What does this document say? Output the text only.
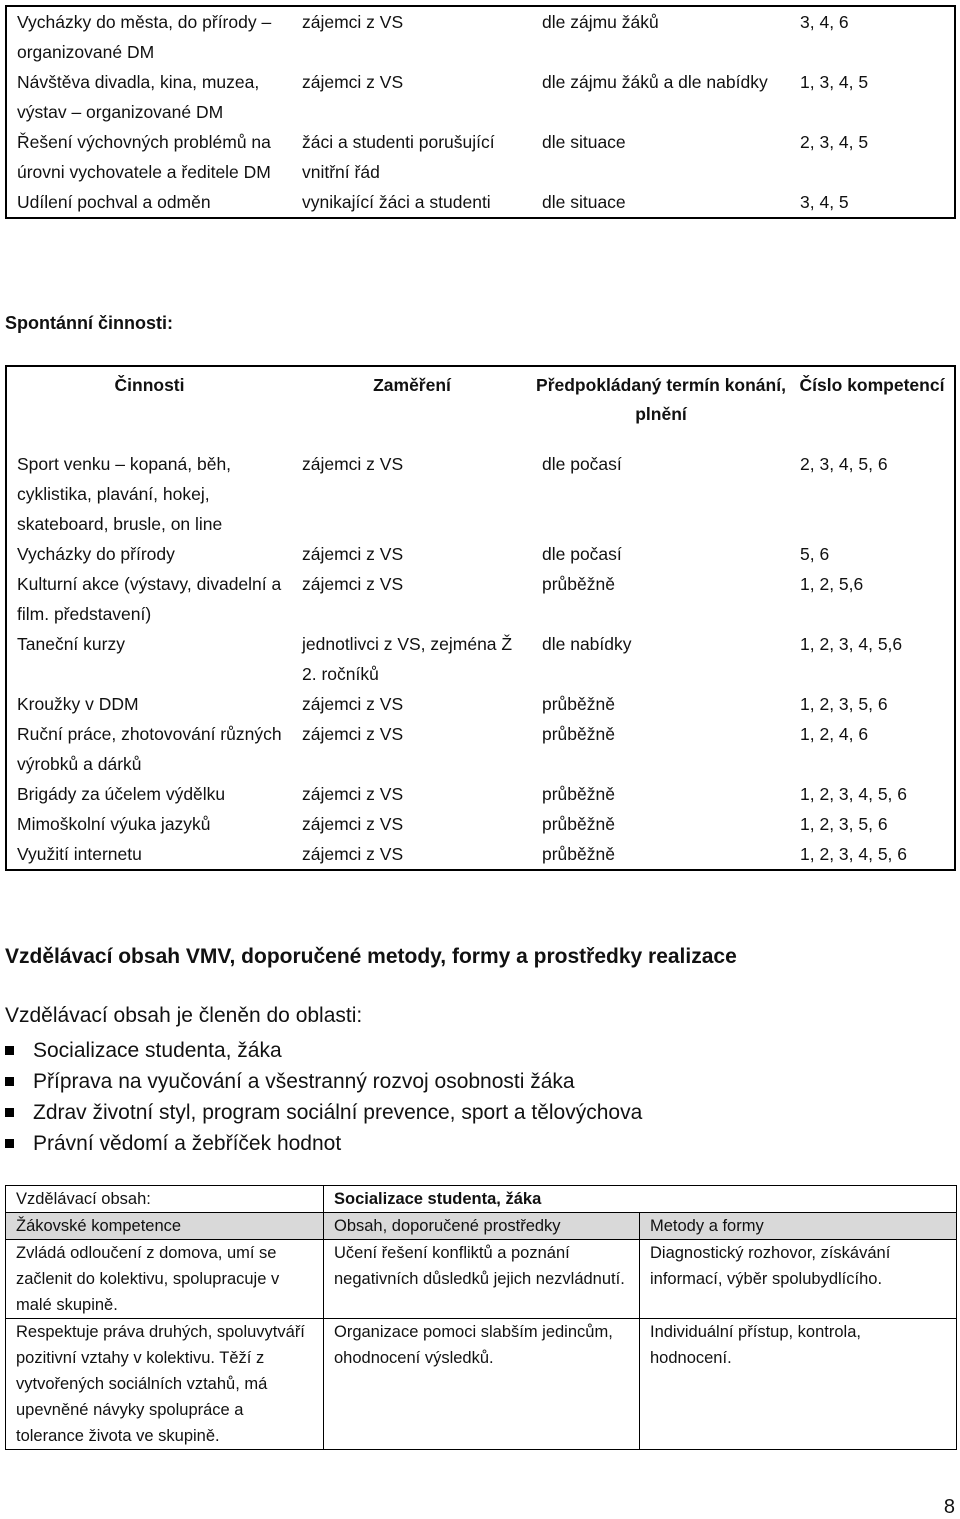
Vycházky do města, do přírody – organizované DM	zájemci z VS	dle zájmu žáků	3, 4, 6
Návštěva divadla, kina, muzea, výstav – organizované DM	zájemci z VS	dle zájmu žáků a dle nabídky	1, 3, 4, 5
Řešení výchovných problémů na úrovni vychovatele a ředitele DM	žáci a studenti porušující vnitřní řád	dle situace	2, 3, 4, 5
Udílení pochval a odměn	vynikající žáci a studenti	dle situace	3, 4, 5
Spontánní činnosti:
Činnosti	Zaměření	Předpokládaný termín konání, plnění	Číslo kompetencí
Sport venku – kopaná, běh, cyklistika, plavání, hokej, skateboard, brusle, on line	zájemci z VS	dle počasí	2, 3, 4, 5, 6
Vycházky do přírody	zájemci z VS	dle počasí	5, 6
Kulturní akce (výstavy, divadelní a film. představení)	zájemci z VS	průběžně	1, 2, 5,6
Taneční kurzy	jednotlivci z VS, zejména Ž 2. ročníků	dle nabídky	1, 2, 3, 4, 5,6
Kroužky v DDM	zájemci z VS	průběžně	1, 2, 3, 5, 6
Ruční práce, zhotovování různých výrobků a dárků	zájemci z VS	průběžně	1, 2, 4, 6
Brigády za účelem výdělku	zájemci z VS	průběžně	1, 2, 3, 4, 5, 6
Mimoškolní výuka jazyků	zájemci z VS	průběžně	1, 2, 3, 5, 6
Využití internetu	zájemci z VS	průběžně	1, 2, 3, 4, 5, 6
Vzdělávací obsah VMV, doporučené metody, formy a prostředky realizace
Vzdělávací obsah je členěn do oblasti:
Socializace studenta, žáka
Příprava na vyučování a všestranný rozvoj osobnosti žáka
Zdrav životní styl, program sociální prevence, sport a tělovýchova
Právní vědomí a žebříček hodnot
Vzdělávací obsah:	Socializace studenta, žáka	
Žákovské kompetence	Obsah, doporučené prostředky	Metody a formy
Zvládá odloučení z domova, umí se začlenit do kolektivu, spolupracuje v malé skupině.	Učení řešení konfliktů a poznání negativních důsledků jejich nezvládnutí.	Diagnostický rozhovor, získávání informací, výběr spolubydlícího.
Respektuje práva druhých, spoluvytváří pozitivní vztahy v kolektivu. Těží z vytvořených sociálních vztahů, má upevněné návyky spolupráce a tolerance života ve skupině.	Organizace pomoci slabším jedincům, ohodnocení výsledků.	Individuální přístup, kontrola, hodnocení.
8
